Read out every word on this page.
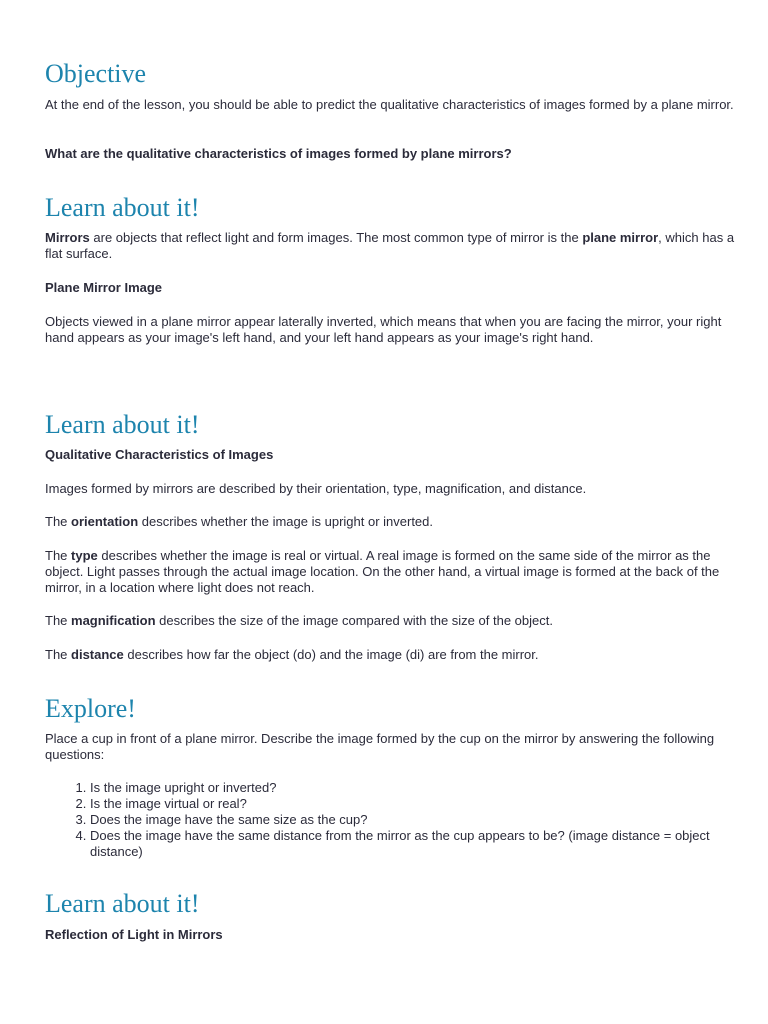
Objective

At the end of the lesson, you should be able to predict the qualitative characteristics of images formed by a plane mirror.

What are the qualitative characteristics of images formed by plane mirrors?

Learn about it!

Mirrors are objects that reflect light and form images. The most common type of mirror is the plane mirror, which has a flat surface.

Plane Mirror Image

Objects viewed in a plane mirror appear laterally inverted, which means that when you are facing the mirror, your right hand appears as your image's left hand, and your left hand appears as your image's right hand.

Learn about it!

Qualitative Characteristics of Images

Images formed by mirrors are described by their orientation, type, magnification, and distance.

The orientation describes whether the image is upright or inverted.

The type describes whether the image is real or virtual. A real image is formed on the same side of the mirror as the object. Light passes through the actual image location. On the other hand, a virtual image is formed at the back of the mirror, in a location where light does not reach.

The magnification describes the size of the image compared with the size of the object.

The distance describes how far the object (do) and the image (di) are from the mirror.

Explore!

Place a cup in front of a plane mirror. Describe the image formed by the cup on the mirror by answering the following questions:

1. Is the image upright or inverted?
2. Is the image virtual or real?
3. Does the image have the same size as the cup?
4. Does the image have the same distance from the mirror as the cup appears to be? (image distance = object distance)
Learn about it!

Reflection of Light in Mirrors
